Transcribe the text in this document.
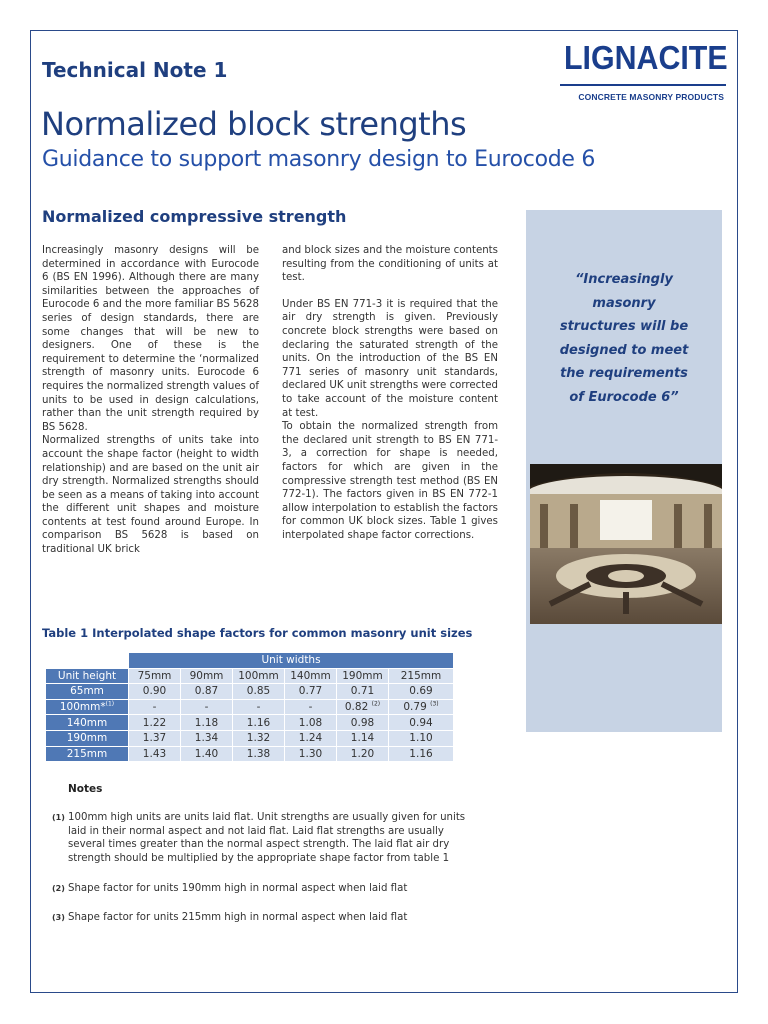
Technical Note 1	LIGNACITE
CONCRETE MASONRY PRODUCTS
Normalized block strengths
Guidance to support masonry design to Eurocode 6
Normalized compressive strength

Increasingly masonry designs will be determined in accordance with Eurocode 6 (BS EN 1996). Although there are many similarities between the approaches of Eurocode 6 and the more familiar BS 5628 series of design standards, there are some changes that will be new to designers. One of these is the requirement to determine the ‘normalized strength of masonry units. Eurocode 6 requires the normalized strength values of units to be used in design calculations, rather than the unit strength required by BS 5628.

Normalized strengths of units take into account the shape factor (height to width relationship) and are based on the unit air dry strength. Normalized strengths should be seen as a means of taking into account the different unit shapes and moisture contents at test found around Europe. In comparison BS 5628 is based on traditional UK brick

and block sizes and the moisture contents resulting from the conditioning of units at test.

Under BS EN 771-3 it is required that the air dry strength is given. Previously concrete block strengths were based on declaring the saturated strength of the units. On the introduction of the BS EN 771 series of masonry unit standards, declared UK unit strengths were corrected to take account of the moisture content at test.

To obtain the normalized strength from the declared unit strength to BS EN 771-3, a correction for shape is needed, factors for which are given in the compressive strength test method (BS EN 772-1). The factors given in BS EN 772-1 allow interpolation to establish the factors for common UK block sizes. Table 1 gives interpolated shape factor corrections.

“Increasingly masonry structures will be designed to meet the requirements of Eurocode 6”
Table 1 Interpolated shape factors for common masonry unit sizes
	Unit widths					
Unit height	75mm	90mm	100mm	140mm	190mm	215mm
65mm	0.90	0.87	0.85	0.77	0.71	0.69
100mm*$^{(1)}$	-	-	-	-	0.82 $^{(2)}$	0.79 $^{(3)}$
140mm	1.22	1.18	1.16	1.08	0.98	0.94
190mm	1.37	1.34	1.32	1.24	1.14	1.10
215mm	1.43	1.40	1.38	1.30	1.20	1.16
Notes
(1) 100mm high units are units laid flat. Unit strengths are usually given for units laid in their normal aspect and not laid flat. Laid flat strengths are usually several times greater than the normal aspect strength. The laid flat air dry strength should be multiplied by the appropriate shape factor from table 1
(2) Shape factor for units 190mm high in normal aspect when laid flat
(3) Shape factor for units 215mm high in normal aspect when laid flat
